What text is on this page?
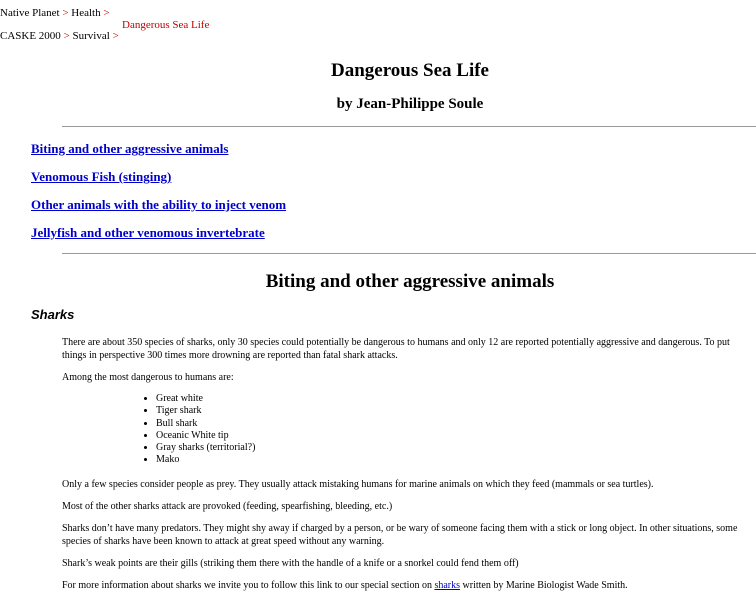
Native Planet > Health >
Dangerous Sea Life
CASKE 2000 > Survival >
Dangerous Sea Life
by Jean-Philippe Soule
Biting and other aggressive animals
Venomous Fish (stinging)
Other animals with the ability to inject venom
Jellyfish and other venomous invertebrate
Biting and other aggressive animals
Sharks

There are about 350 species of sharks, only 30 species could potentially be dangerous to humans and only 12 are reported potentially aggressive and dangerous. To put things in perspective 300 times more drowning are reported than fatal shark attacks.

Among the most dangerous to humans are:

• Great white
• Tiger shark
• Bull shark
• Oceanic White tip
• Gray sharks (territorial?)
• Mako

Only a few species consider people as prey. They usually attack mistaking humans for marine animals on which they feed (mammals or sea turtles).

Most of the other sharks attack are provoked (feeding, spearfishing, bleeding, etc.)

Sharks don’t have many predators. They might shy away if charged by a person, or be wary of someone facing them with a stick or long object. In other situations, some species of sharks have been known to attack at great speed without any warning.

Shark’s weak points are their gills (striking them there with the handle of a knife or a snorkel could fend them off)

For more information about sharks we invite you to follow this link to our special section on sharks written by Marine Biologist Wade Smith.
